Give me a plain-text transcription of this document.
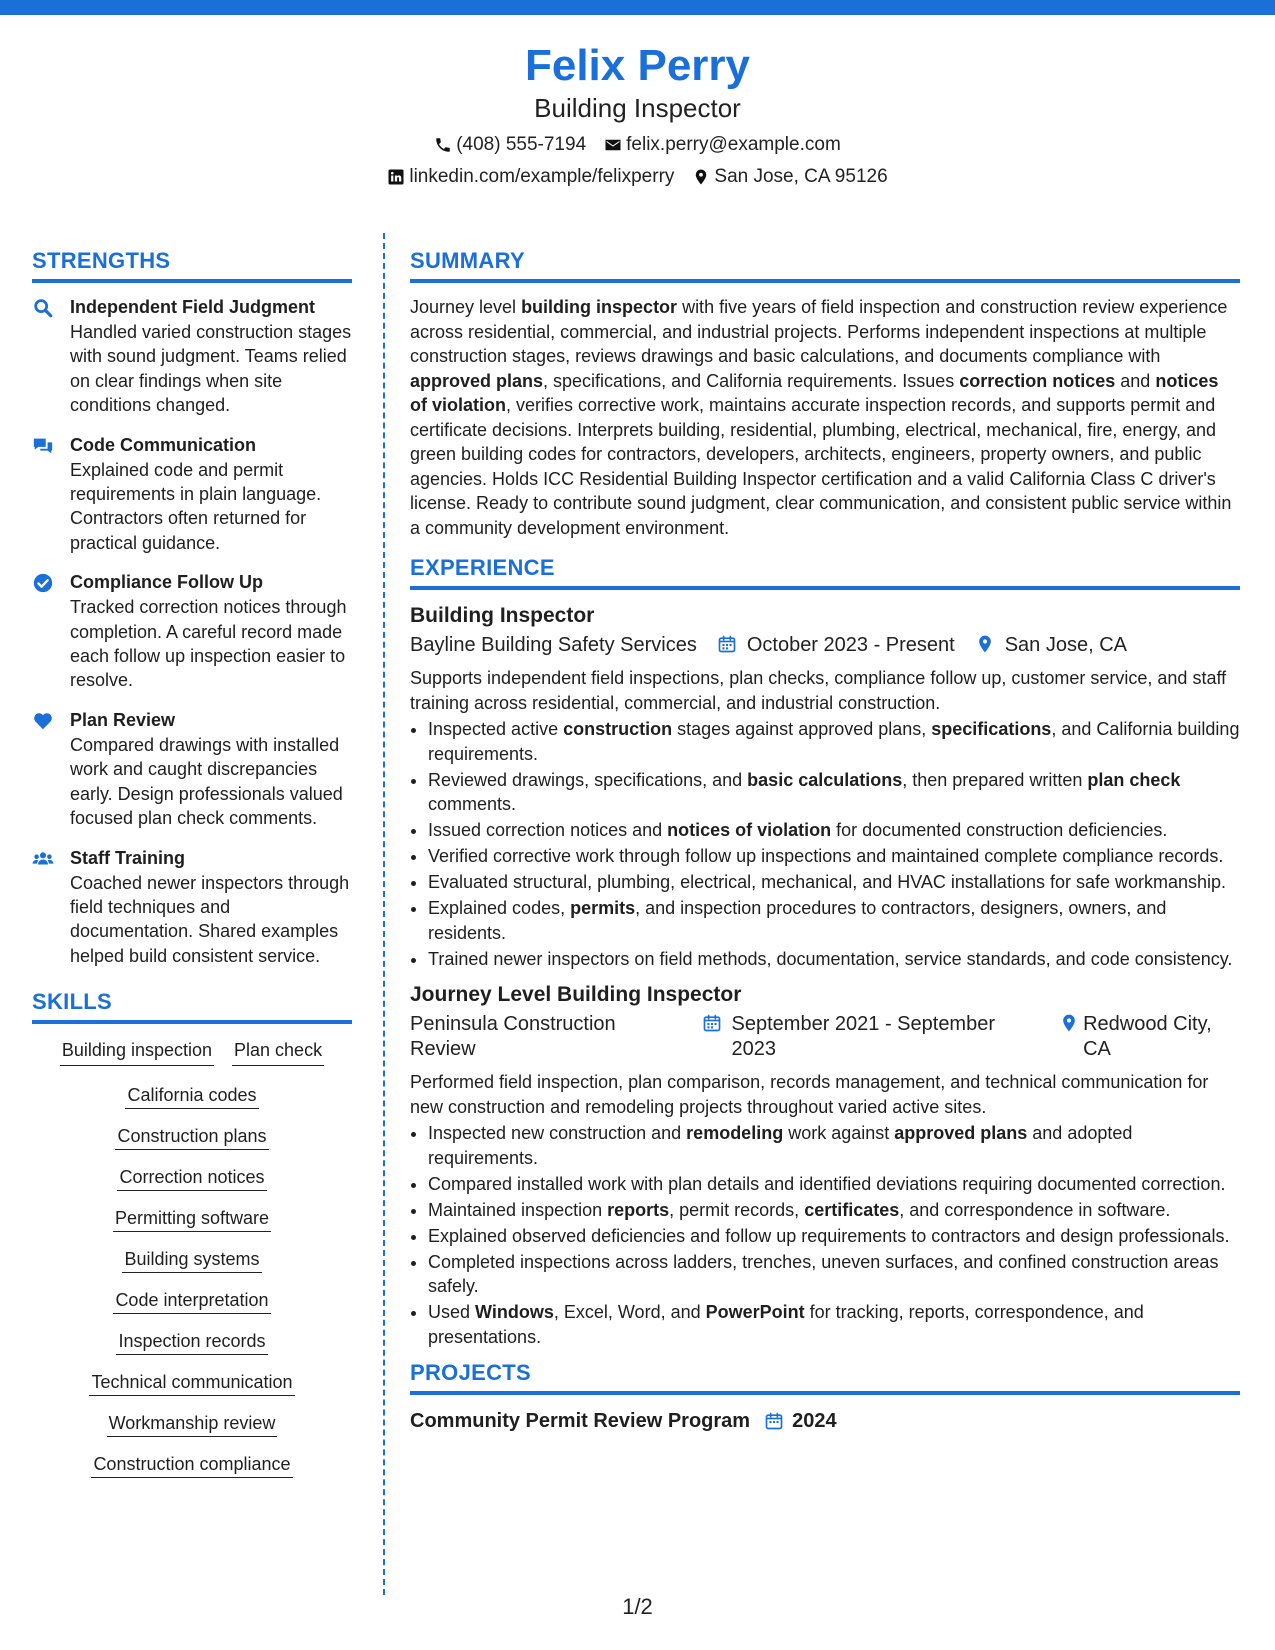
Felix Perry
Building Inspector
(408) 555-7194 felix.perry@example.com
linkedin.com/example/felixperry San Jose, CA 95126
STRENGTHS
Independent Field Judgment
Handled varied construction stages with sound judgment. Teams relied on clear findings when site conditions changed.
Code Communication
Explained code and permit requirements in plain language. Contractors often returned for practical guidance.
Compliance Follow Up
Tracked correction notices through completion. A careful record made each follow up inspection easier to resolve.
Plan Review
Compared drawings with installed work and caught discrepancies early. Design professionals valued focused plan check comments.
Staff Training
Coached newer inspectors through field techniques and documentation. Shared examples helped build consistent service.
SKILLS
Building inspection Plan check
California codes
Construction plans
Correction notices
Permitting software
Building systems
Code interpretation
Inspection records
Technical communication
Workmanship review
Construction compliance
SUMMARY

Journey level building inspector with five years of field inspection and construction review experience across residential, commercial, and industrial projects. Performs independent inspections at multiple construction stages, reviews drawings and basic calculations, and documents compliance with approved plans, specifications, and California requirements. Issues correction notices and notices of violation, verifies corrective work, maintains accurate inspection records, and supports permit and certificate decisions. Interprets building, residential, plumbing, electrical, mechanical, fire, energy, and green building codes for contractors, developers, architects, engineers, property owners, and public agencies. Holds ICC Residential Building Inspector certification and a valid California Class C driver's license. Ready to contribute sound judgment, clear communication, and consistent public service within a community development environment.

EXPERIENCE
Building Inspector
Bayline Building Safety Services	October 2023 - Present	San Jose, CA

Supports independent field inspections, plan checks, compliance follow up, customer service, and staff training across residential, commercial, and industrial construction.

• Inspected active construction stages against approved plans, specifications, and California building requirements.
• Reviewed drawings, specifications, and basic calculations, then prepared written plan check comments.
• Issued correction notices and notices of violation for documented construction deficiencies.
• Verified corrective work through follow up inspections and maintained complete compliance records.
• Evaluated structural, plumbing, electrical, mechanical, and HVAC installations for safe workmanship.
• Explained codes, permits, and inspection procedures to contractors, designers, owners, and residents.
• Trained newer inspectors on field methods, documentation, service standards, and code consistency.
Journey Level Building Inspector
Peninsula Construction Review
September 2021 - September 2023
Redwood City, CA

Performed field inspection, plan comparison, records management, and technical communication for new construction and remodeling projects throughout varied active sites.

• Inspected new construction and remodeling work against approved plans and adopted requirements.
• Compared installed work with plan details and identified deviations requiring documented correction.
• Maintained inspection reports, permit records, certificates, and correspondence in software.
• Explained observed deficiencies and follow up requirements to contractors and design professionals.
• Completed inspections across ladders, trenches, uneven surfaces, and confined construction areas safely.
• Used Windows, Excel, Word, and PowerPoint for tracking, reports, correspondence, and presentations.
PROJECTS
Community Permit Review Program 2024
1/2
